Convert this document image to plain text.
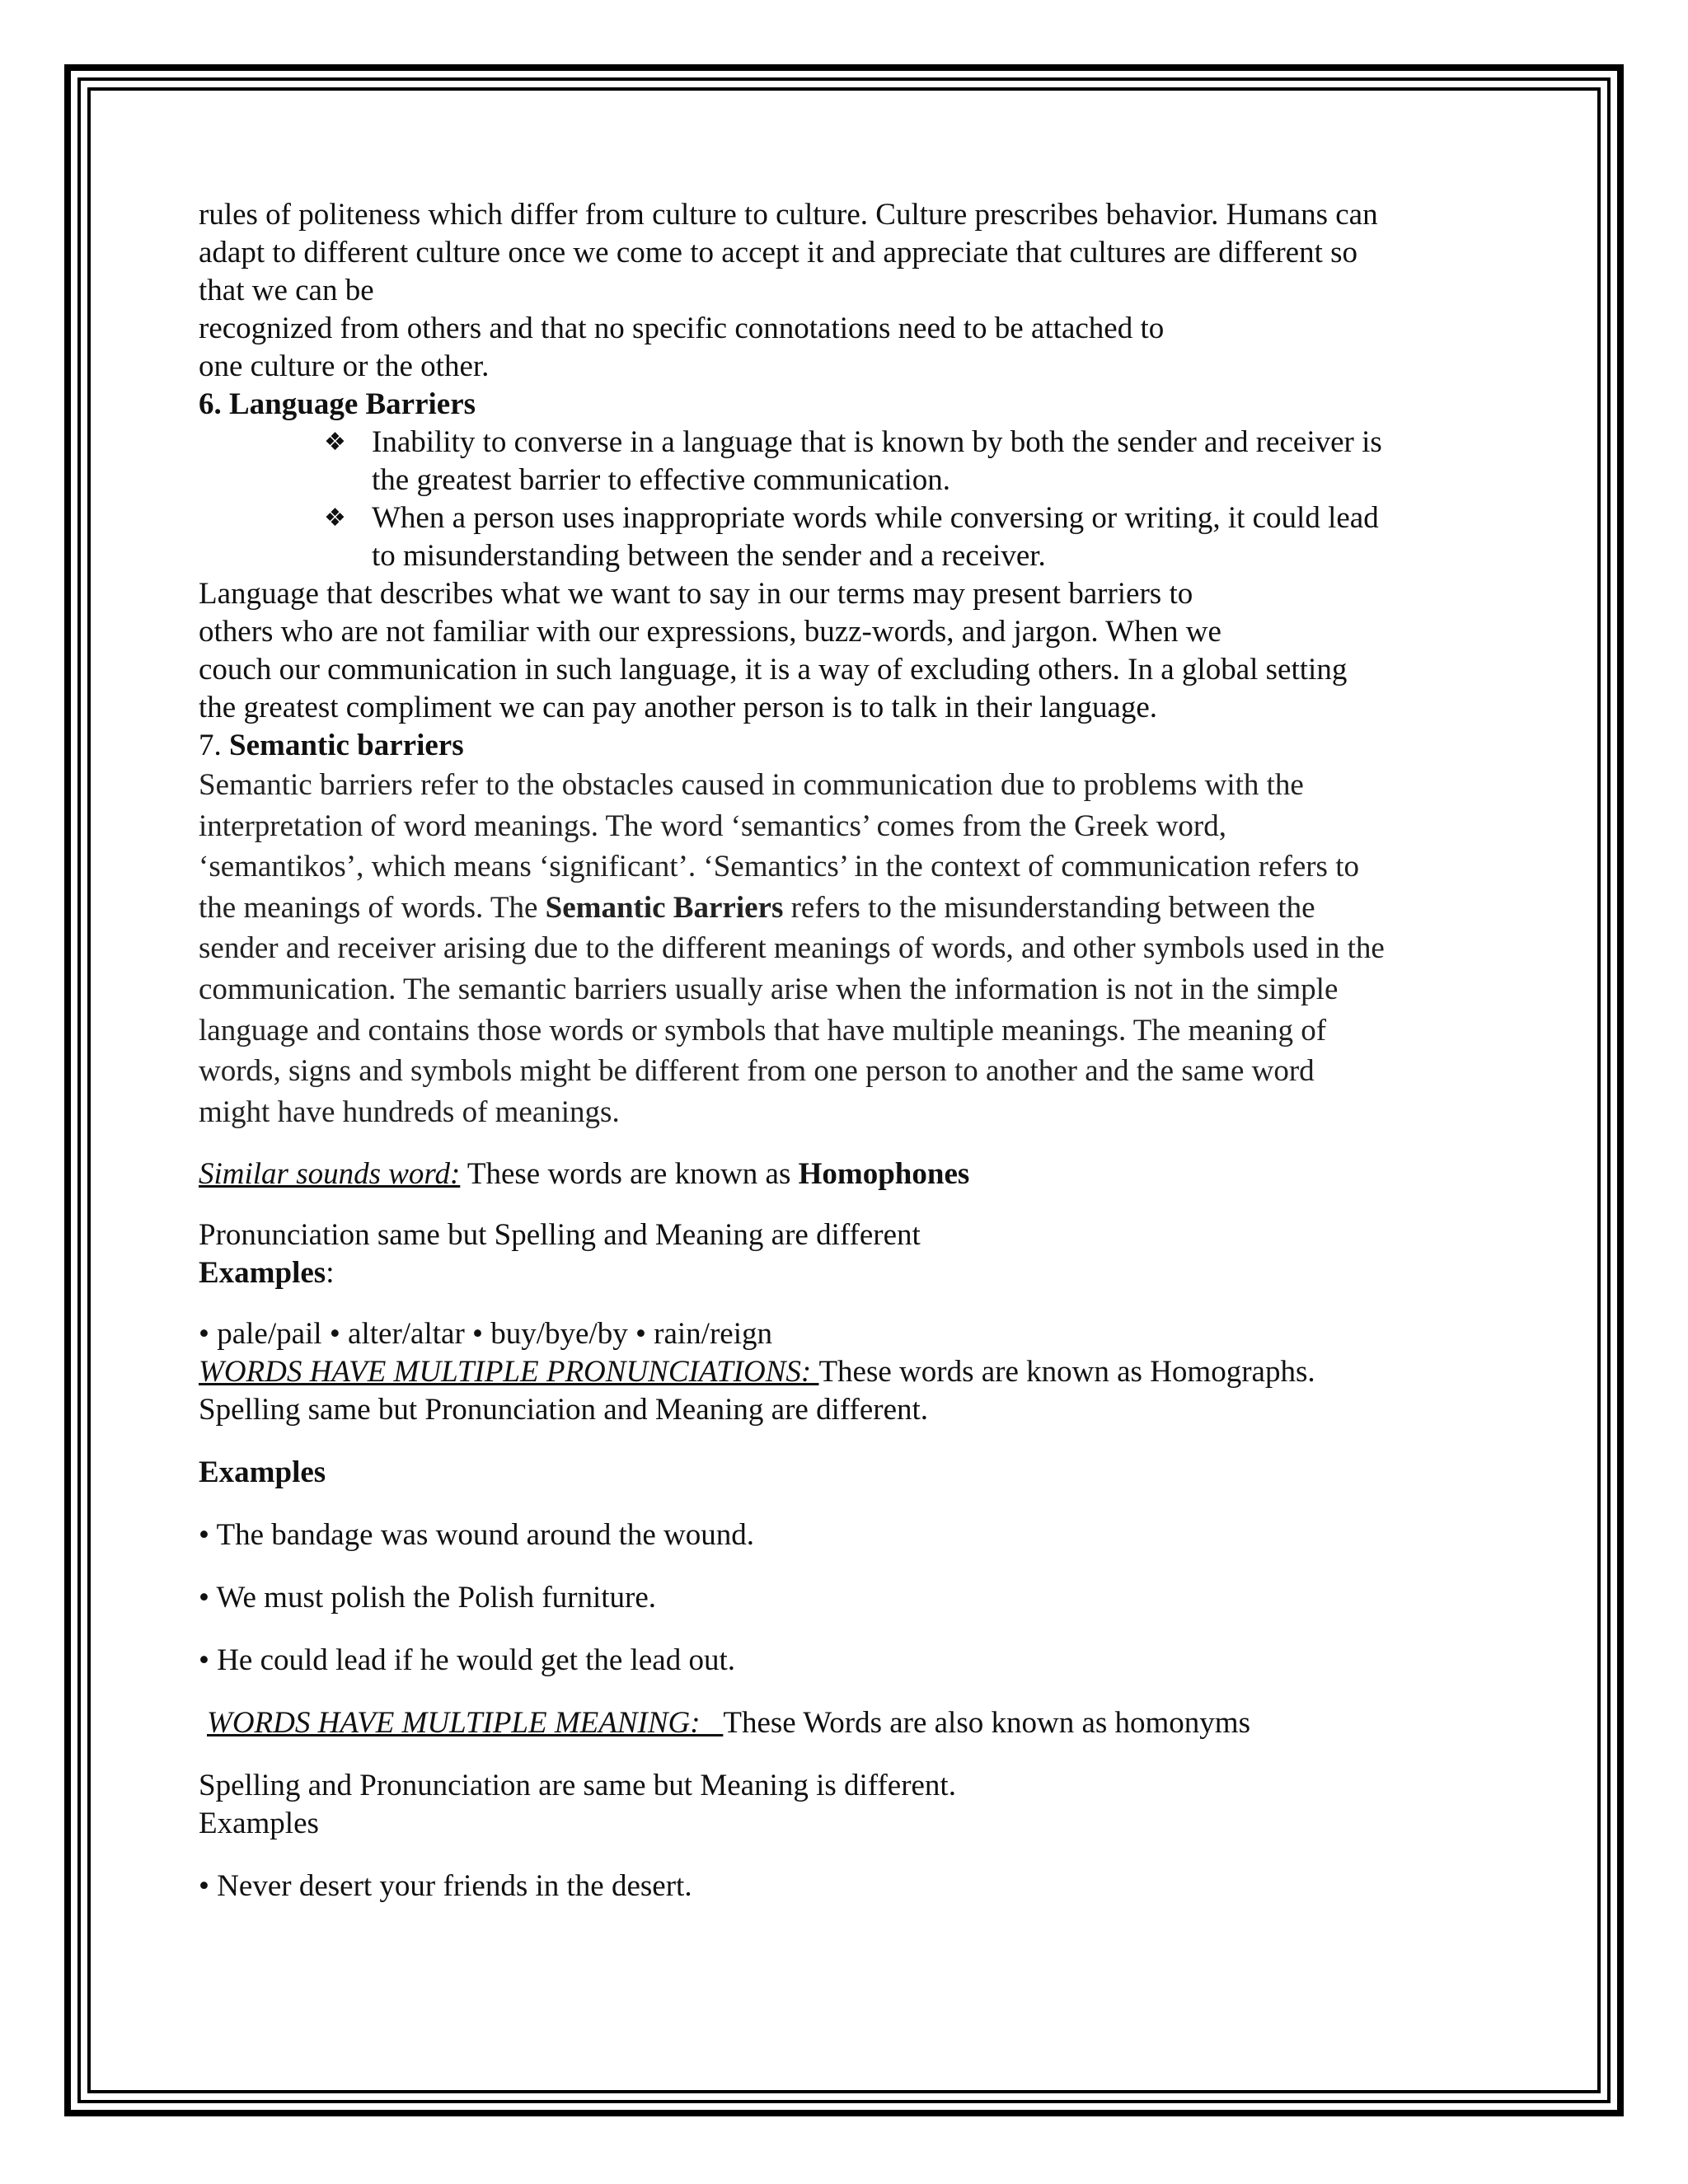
rules of politeness which differ from culture to culture. Culture prescribes behavior. Humans can
adapt to different culture once we come to accept it and appreciate that cultures are different so
that we can be
recognized from others and that no specific connotations need to be attached to
one culture or the other.
6. Language Barriers
❖ Inability to converse in a language that is known by both the sender and receiver is
the greatest barrier to effective communication.
❖ When a person uses inappropriate words while conversing or writing, it could lead
to misunderstanding between the sender and a receiver.
Language that describes what we want to say in our terms may present barriers to
others who are not familiar with our expressions, buzz-words, and jargon. When we
couch our communication in such language, it is a way of excluding others. In a global setting
the greatest compliment we can pay another person is to talk in their language.
7. Semantic barriers
Semantic barriers refer to the obstacles caused in communication due to problems with the
interpretation of word meanings. The word ‘semantics’ comes from the Greek word,
‘semantikos’, which means ‘significant’. ‘Semantics’ in the context of communication refers to
the meanings of words. The Semantic Barriers refers to the misunderstanding between the
sender and receiver arising due to the different meanings of words, and other symbols used in the
communication. The semantic barriers usually arise when the information is not in the simple
language and contains those words or symbols that have multiple meanings. The meaning of
words, signs and symbols might be different from one person to another and the same word
might have hundreds of meanings.
Similar sounds word: These words are known as Homophones
Pronunciation same but Spelling and Meaning are different
Examples:
• pale/pail • alter/altar • buy/bye/by • rain/reign
WORDS HAVE MULTIPLE PRONUNCIATIONS: These words are known as Homographs.
Spelling same but Pronunciation and Meaning are different.
Examples
• The bandage was wound around the wound.
• We must polish the Polish furniture.
• He could lead if he would get the lead out.
WORDS HAVE MULTIPLE MEANING:   These Words are also known as homonyms
Spelling and Pronunciation are same but Meaning is different.
Examples
• Never desert your friends in the desert.
